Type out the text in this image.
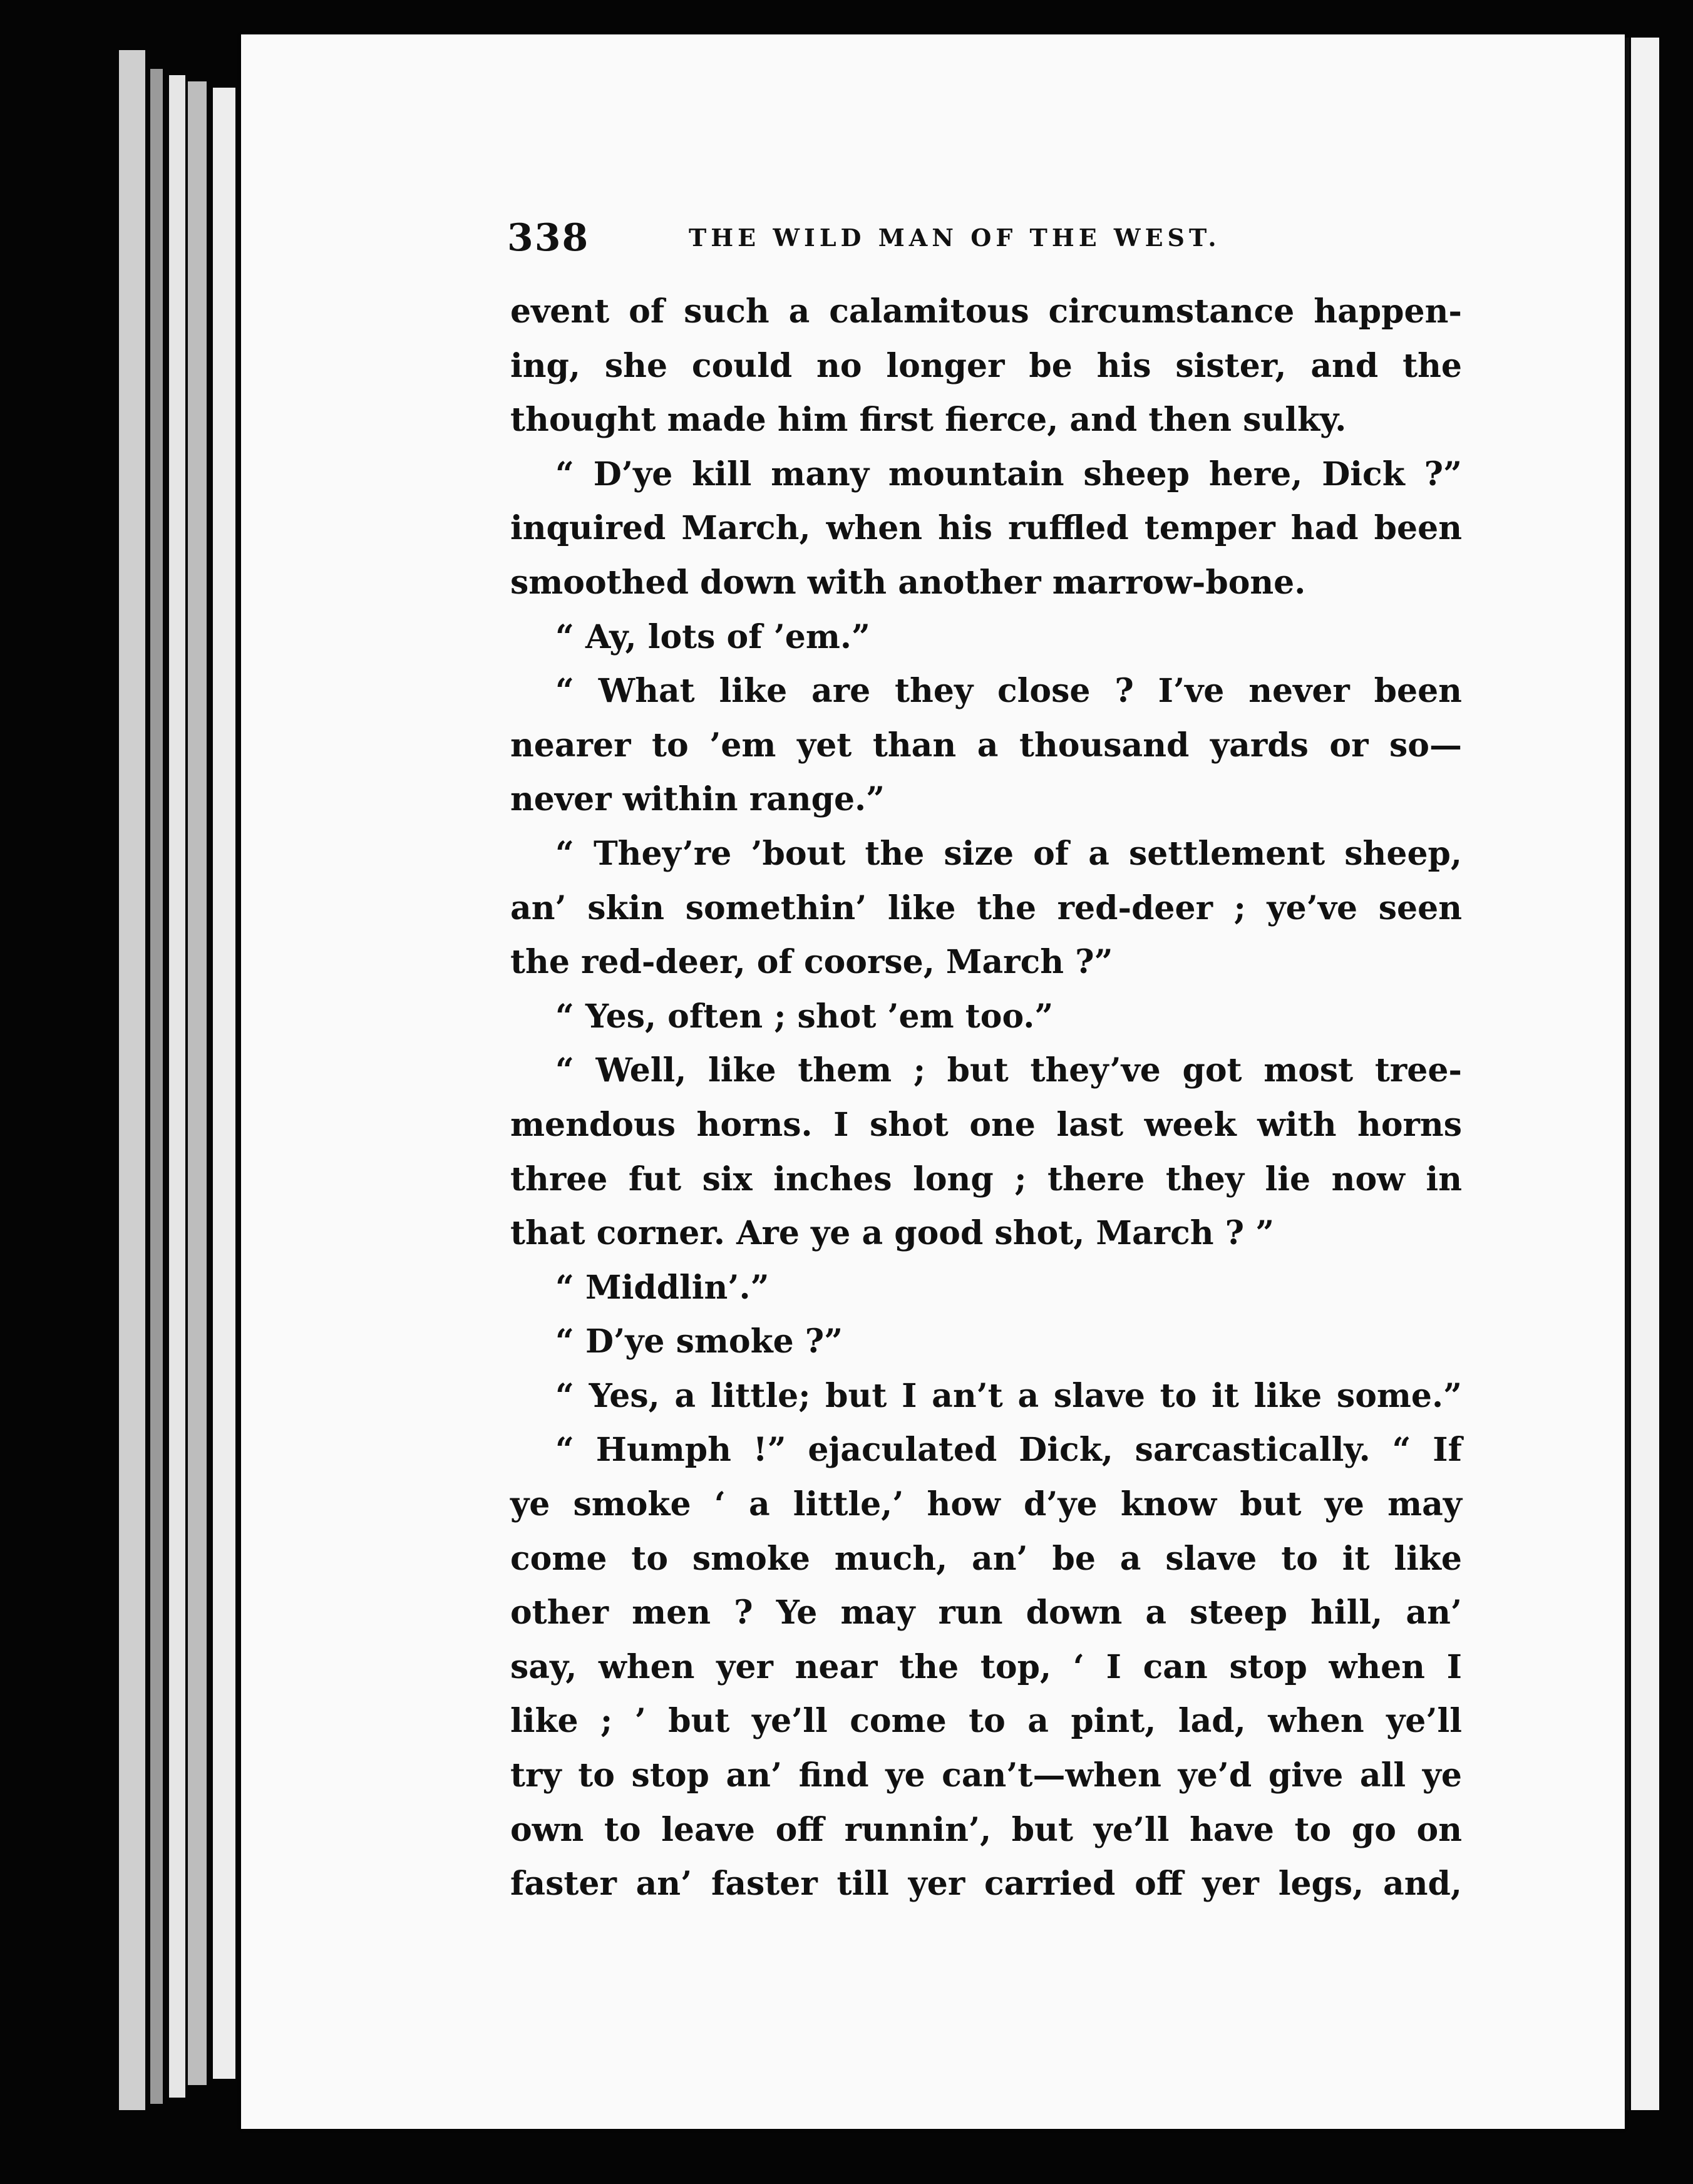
338	THE WILD MAN OF THE WEST.
event of such a calamitous circumstance happen-
ing, she could no longer be his sister, and the
thought made him first fierce, and then sulky.
“ D’ye kill many mountain sheep here, Dick ?”
inquired March, when his ruffled temper had been
smoothed down with another marrow-bone.
“ Ay, lots of ’em.”
“ What like are they close ? I’ve never been
nearer to ’em yet than a thousand yards or so—
never within range.”
“ They’re ’bout the size of a settlement sheep,
an’ skin somethin’ like the red-deer ; ye’ve seen
the red-deer, of coorse, March ?”
“ Yes, often ; shot ’em too.”
“ Well, like them ; but they’ve got most tree-
mendous horns. I shot one last week with horns
three fut six inches long ; there they lie now in
that corner. Are ye a good shot, March ? ”
“ Middlin’.”
“ D’ye smoke ?”
“ Yes, a little; but I an’t a slave to it like some.”
“ Humph !” ejaculated Dick, sarcastically. “ If
ye smoke ‘ a little,’ how d’ye know but ye may
come to smoke much, an’ be a slave to it like
other men ? Ye may run down a steep hill, an’
say, when yer near the top, ‘ I can stop when I
like ; ’ but ye’ll come to a pint, lad, when ye’ll
try to stop an’ find ye can’t—when ye’d give all ye
own to leave off runnin’, but ye’ll have to go on
faster an’ faster till yer carried off yer legs, and,
